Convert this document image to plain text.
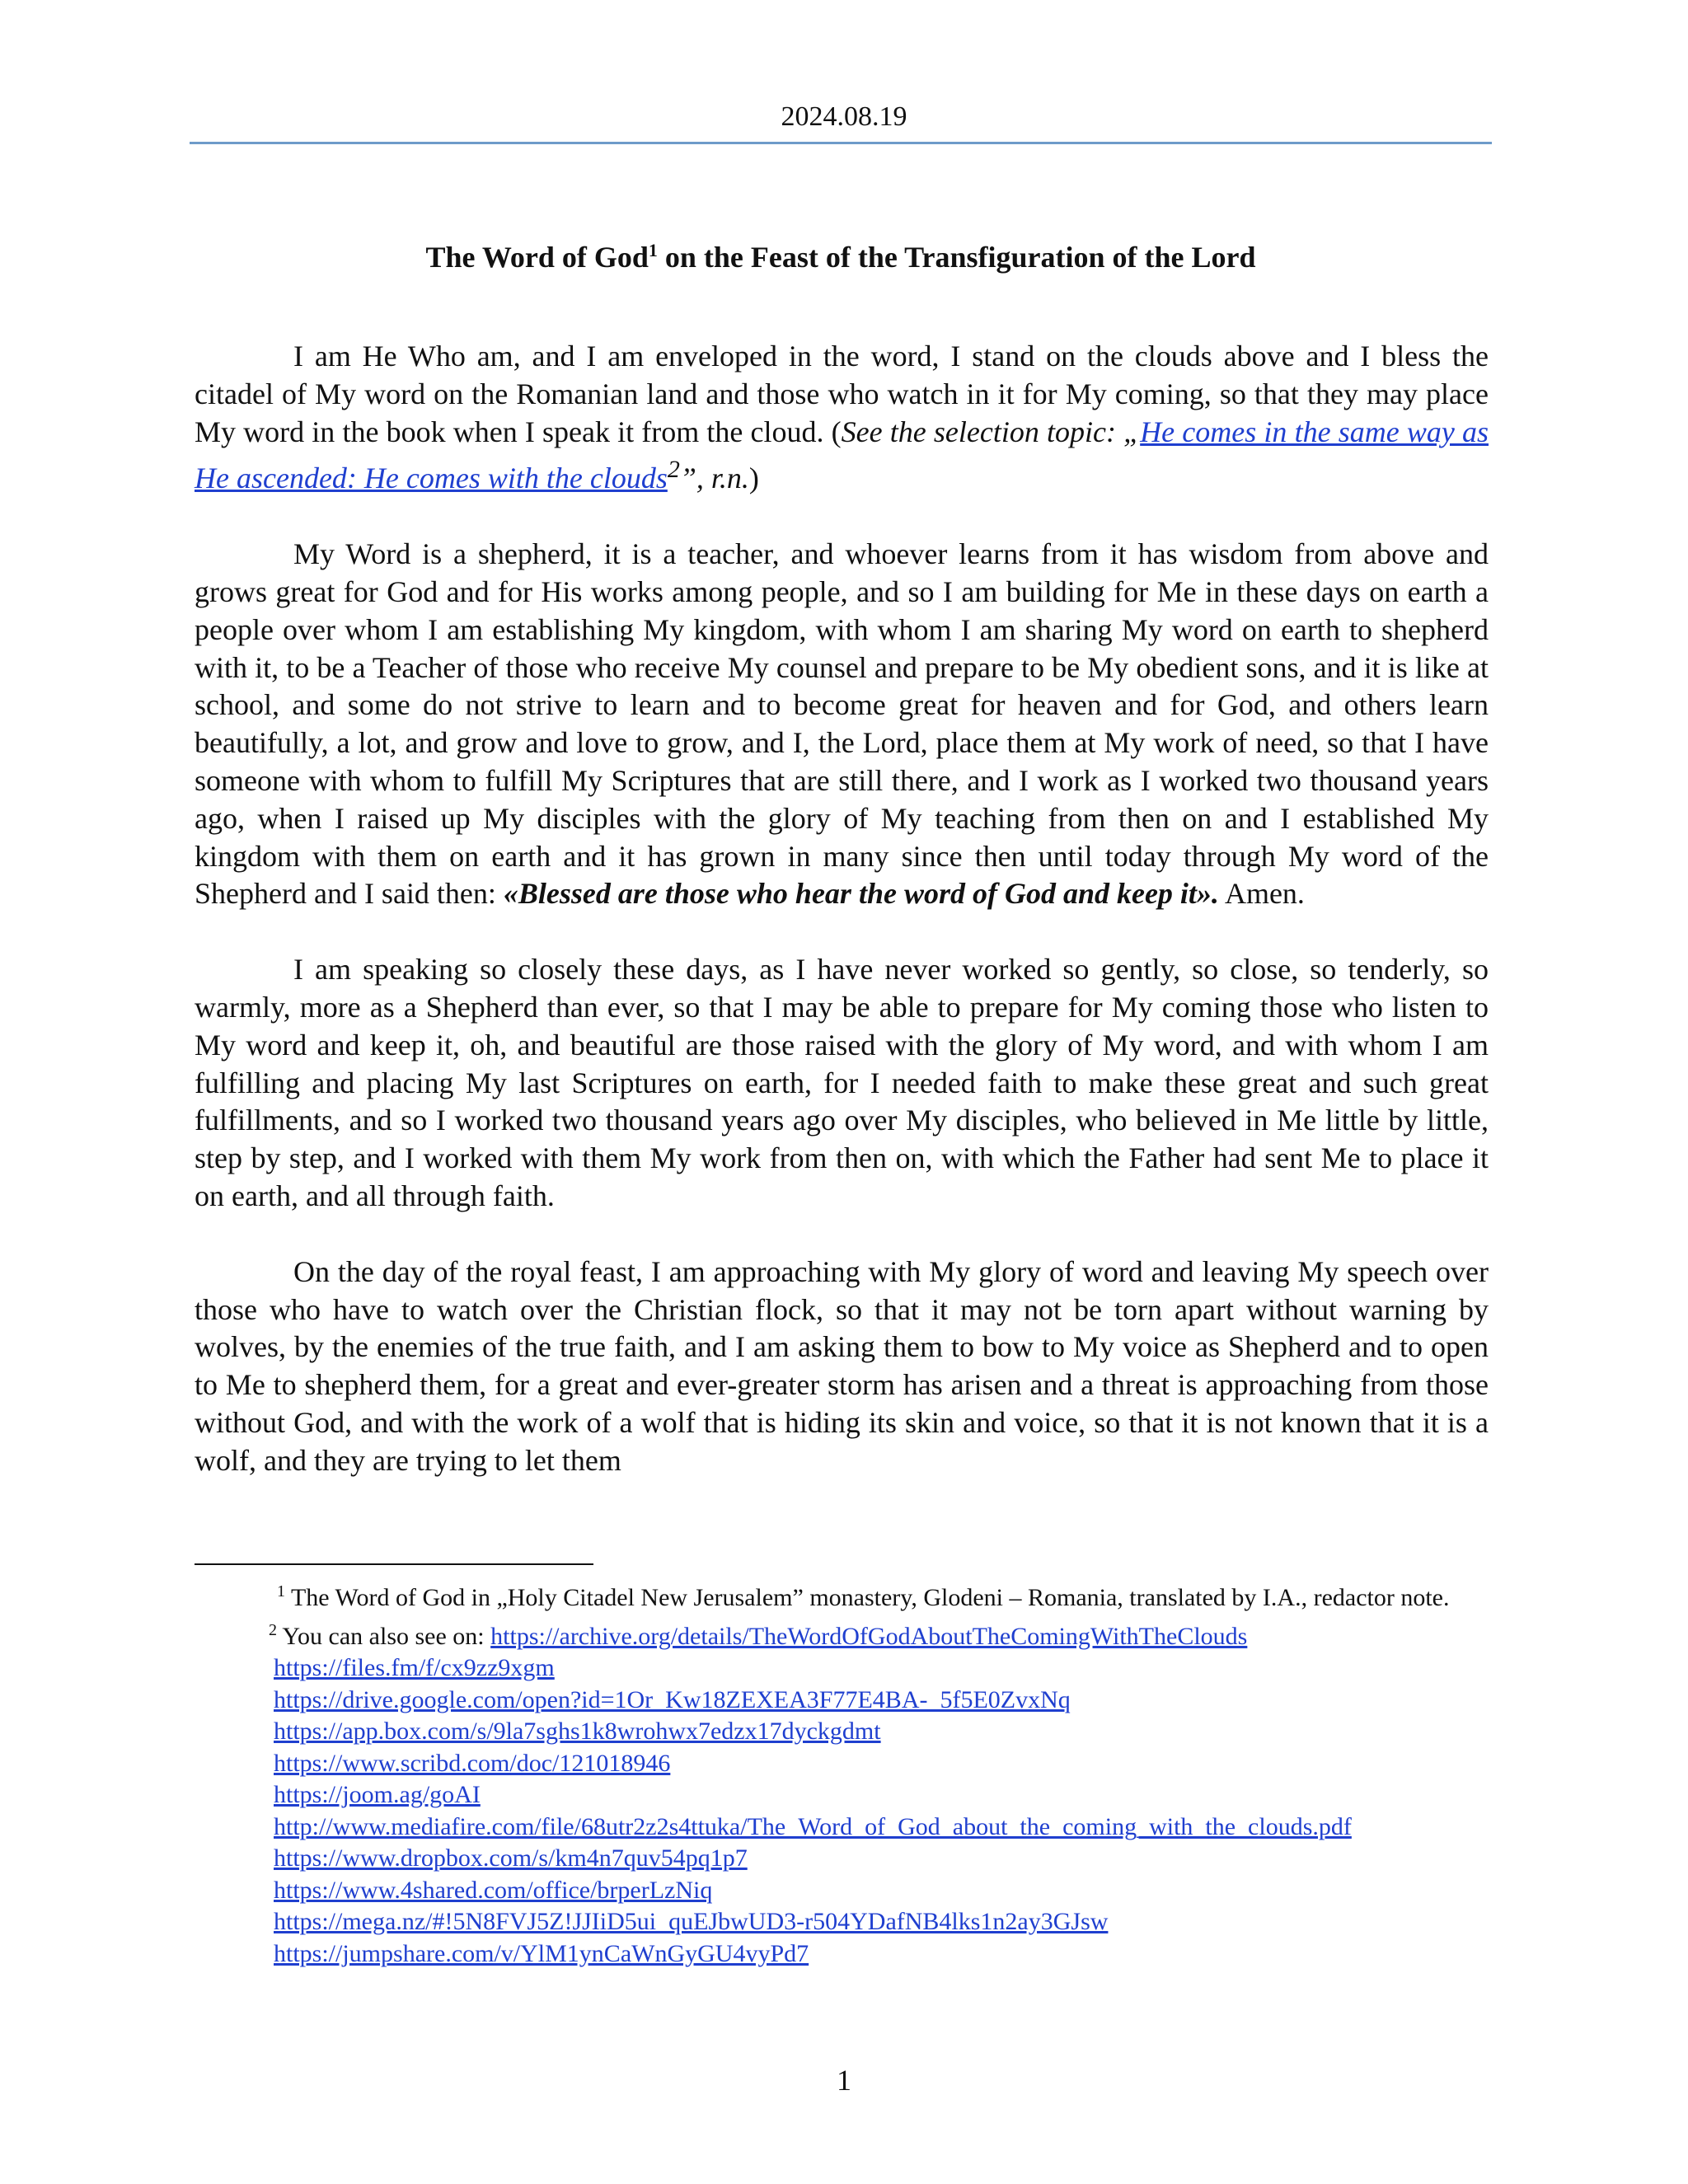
2024.08.19
The Word of God$^1$ on the Feast of the Transfiguration of the Lord

I am He Who am, and I am enveloped in the word, I stand on the clouds above and I bless the citadel of My word on the Romanian land and those who watch in it for My coming, so that they may place My word in the book when I speak it from the cloud. (See the selection topic: „He comes in the same way as He ascended: He comes with the clouds$^2$”, r.n.)

My Word is a shepherd, it is a teacher, and whoever learns from it has wisdom from above and grows great for God and for His works among people, and so I am building for Me in these days on earth a people over whom I am establishing My kingdom, with whom I am sharing My word on earth to shepherd with it, to be a Teacher of those who receive My counsel and prepare to be My obedient sons, and it is like at school, and some do not strive to learn and to become great for heaven and for God, and others learn beautifully, a lot, and grow and love to grow, and I, the Lord, place them at My work of need, so that I have someone with whom to fulfill My Scriptures that are still there, and I work as I worked two thousand years ago, when I raised up My disciples with the glory of My teaching from then on and I established My kingdom with them on earth and it has grown in many since then until today through My word of the Shepherd and I said then: «Blessed are those who hear the word of God and keep it». Amen.

I am speaking so closely these days, as I have never worked so gently, so close, so tenderly, so warmly, more as a Shepherd than ever, so that I may be able to prepare for My coming those who listen to My word and keep it, oh, and beautiful are those raised with the glory of My word, and with whom I am fulfilling and placing My last Scriptures on earth, for I needed faith to make these great and such great fulfillments, and so I worked two thousand years ago over My disciples, who believed in Me little by little, step by step, and I worked with them My work from then on, with which the Father had sent Me to place it on earth, and all through faith.

On the day of the royal feast, I am approaching with My glory of word and leaving My speech over those who have to watch over the Christian flock, so that it may not be torn apart without warning by wolves, by the enemies of the true faith, and I am asking them to bow to My voice as Shepherd and to open to Me to shepherd them, for a great and ever-greater storm has arisen and a threat is approaching from those without God, and with the work of a wolf that is hiding its skin and voice, so that it is not known that it is a wolf, and they are trying to let them

$^1$ The Word of God in „Holy Citadel New Jerusalem” monastery, Glodeni – Romania, translated by I.A., redactor note.

$^2$ You can also see on: https://archive.org/details/TheWordOfGodAboutTheComingWithTheClouds
https://files.fm/f/cx9zz9xgm
https://drive.google.com/open?id=1Or_Kw18ZEXEA3F77E4BA-_5f5E0ZvxNq
https://app.box.com/s/9la7sghs1k8wrohwx7edzx17dyckgdmt
https://www.scribd.com/doc/121018946
https://joom.ag/goAI
http://www.mediafire.com/file/68utr2z2s4ttuka/The_Word_of_God_about_the_coming_with_the_clouds.pdf
https://www.dropbox.com/s/km4n7quv54pq1p7
https://www.4shared.com/office/brperLzNiq
https://mega.nz/#!5N8FVJ5Z!JJIiD5ui_quEJbwUD3-r504YDafNB4lks1n2ay3GJsw
https://jumpshare.com/v/YlM1ynCaWnGyGU4vyPd7
1
